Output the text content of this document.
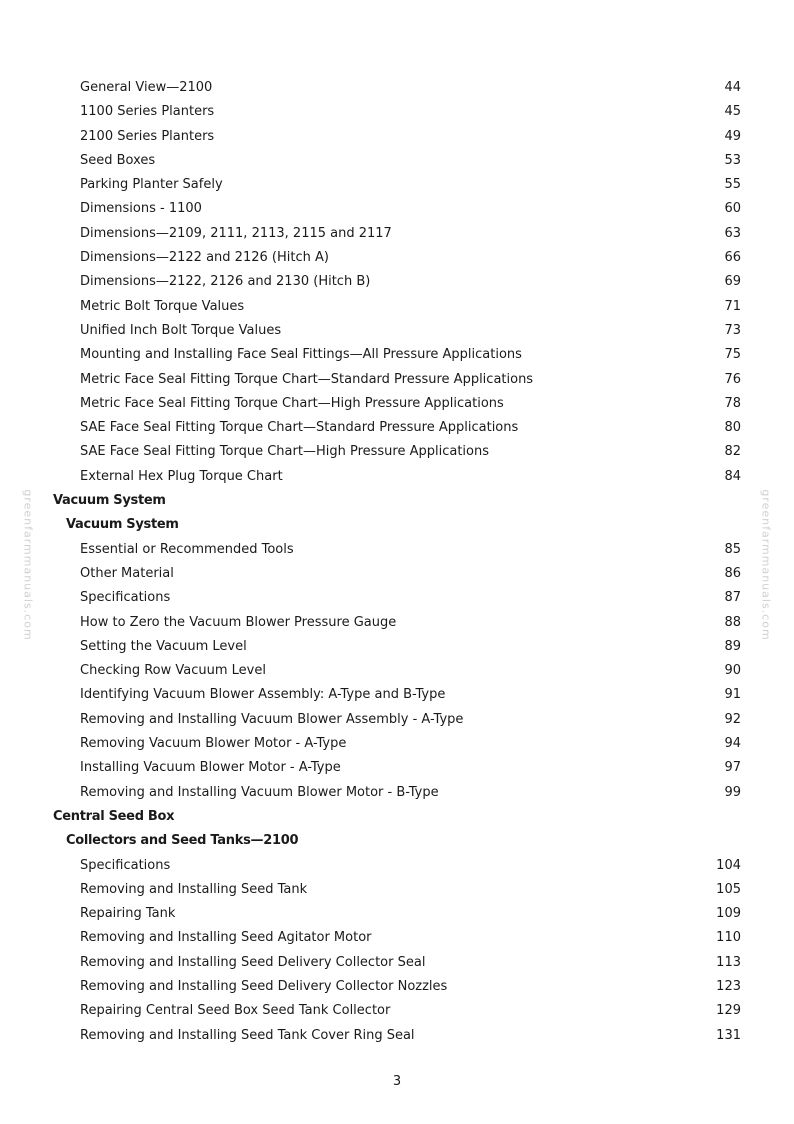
greenfarmmanuals.com	greenfarmmanuals.com
General View—2100	44
1100 Series Planters	45
2100 Series Planters	49
Seed Boxes	53
Parking Planter Safely	55
Dimensions - 1100	60
Dimensions—2109, 2111, 2113, 2115 and 2117	63
Dimensions—2122 and 2126 (Hitch A)	66
Dimensions—2122, 2126 and 2130 (Hitch B)	69
Metric Bolt Torque Values	71
Unified Inch Bolt Torque Values	73
Mounting and Installing Face Seal Fittings—All Pressure Applications	75
Metric Face Seal Fitting Torque Chart—Standard Pressure Applications	76
Metric Face Seal Fitting Torque Chart—High Pressure Applications	78
SAE Face Seal Fitting Torque Chart—Standard Pressure Applications	80
SAE Face Seal Fitting Torque Chart—High Pressure Applications	82
External Hex Plug Torque Chart	84
Vacuum System
Vacuum System
Essential or Recommended Tools	85
Other Material	86
Specifications	87
How to Zero the Vacuum Blower Pressure Gauge	88
Setting the Vacuum Level	89
Checking Row Vacuum Level	90
Identifying Vacuum Blower Assembly: A-Type and B-Type	91
Removing and Installing Vacuum Blower Assembly - A-Type	92
Removing Vacuum Blower Motor - A-Type	94
Installing Vacuum Blower Motor - A-Type	97
Removing and Installing Vacuum Blower Motor - B-Type	99
Central Seed Box
Collectors and Seed Tanks—2100
Specifications	104
Removing and Installing Seed Tank	105
Repairing Tank	109
Removing and Installing Seed Agitator Motor	110
Removing and Installing Seed Delivery Collector Seal	113
Removing and Installing Seed Delivery Collector Nozzles	123
Repairing Central Seed Box Seed Tank Collector	129
Removing and Installing Seed Tank Cover Ring Seal	131
3
